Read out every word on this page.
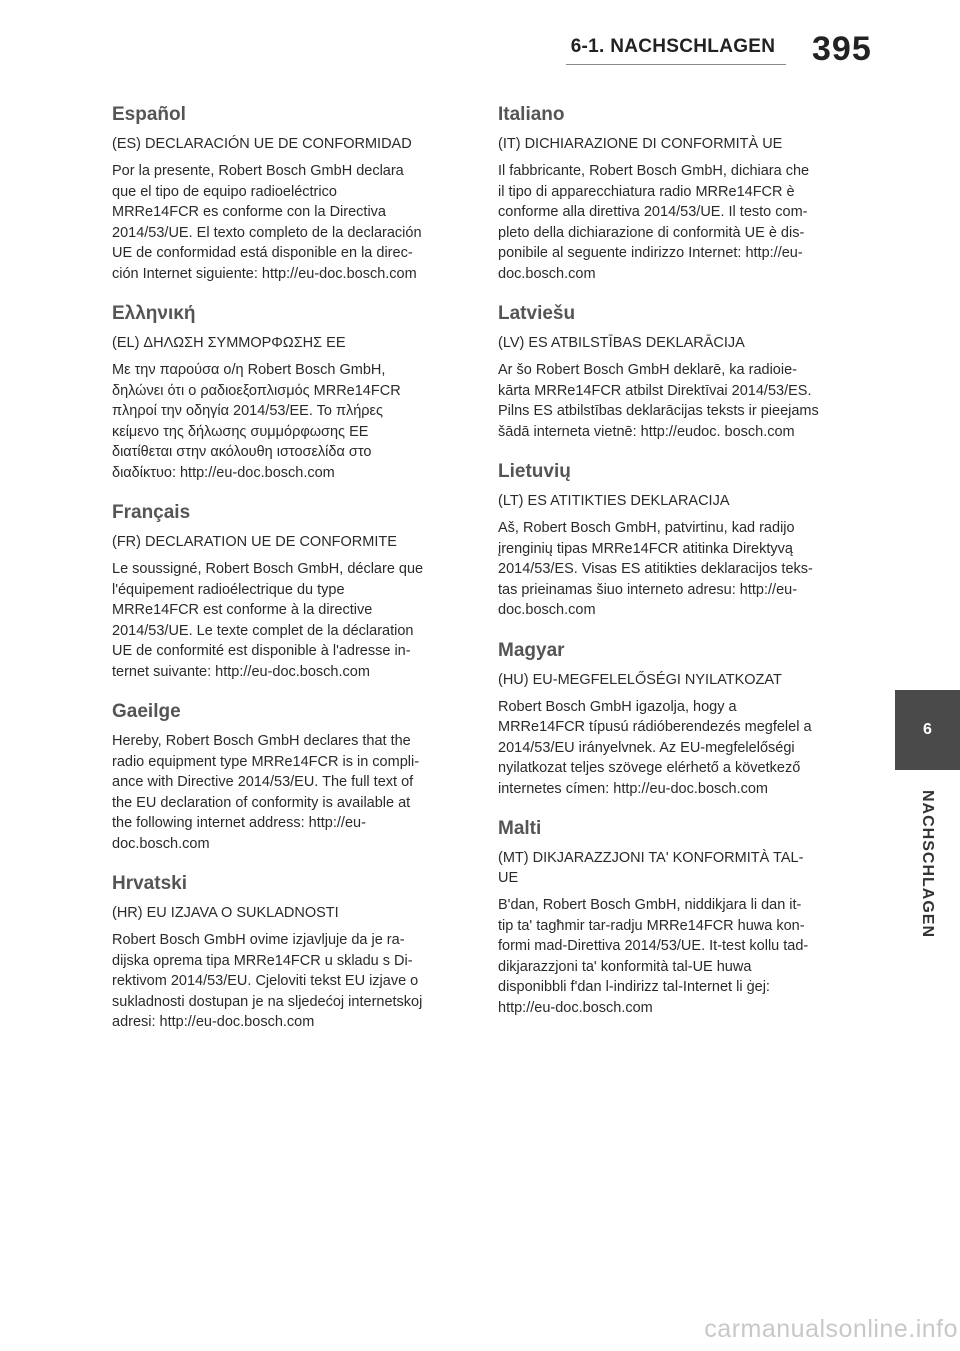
6-1. NACHSCHLAGEN	395
6
NACHSCHLAGEN
Español
(ES) DECLARACIÓN UE DE CONFORMIDAD
Por la presente, Robert Bosch GmbH declara
que el tipo de equipo radioeléctrico
MRRe14FCR es conforme con la Directiva
2014/53/UE. El texto completo de la declaración
UE de conformidad está disponible en la direc-
ción Internet siguiente: http://eu-doc.bosch.com
Ελληνική
(EL) ΔΗΛΩΣΗ ΣΥΜΜΟΡΦΩΣΗΣ ΕΕ
Με την παρούσα ο/η Robert Bosch GmbH,
δηλώνει ότι ο ραδιοεξοπλισμός MRRe14FCR
πληροί την οδηγία 2014/53/ΕΕ. Το πλήρες
κείμενο της δήλωσης συμμόρφωσης ΕΕ
διατίθεται στην ακόλουθη ιστοσελίδα στο
διαδίκτυο: http://eu-doc.bosch.com
Français
(FR) DECLARATION UE DE CONFORMITE
Le soussigné, Robert Bosch GmbH, déclare que
l'équipement radioélectrique du type
MRRe14FCR est conforme à la directive
2014/53/UE. Le texte complet de la déclaration
UE de conformité est disponible à l'adresse in-
ternet suivante: http://eu-doc.bosch.com
Gaeilge
Hereby, Robert Bosch GmbH declares that the
radio equipment type MRRe14FCR is in compli-
ance with Directive 2014/53/EU. The full text of
the EU declaration of conformity is available at
the following internet address: http://eu-
doc.bosch.com
Hrvatski
(HR) EU IZJAVA O SUKLADNOSTI
Robert Bosch GmbH ovime izjavljuje da je ra-
dijska oprema tipa MRRe14FCR u skladu s Di-
rektivom 2014/53/EU. Cjeloviti tekst EU izjave o
sukladnosti dostupan je na sljedećoj internetskoj
adresi: http://eu-doc.bosch.com
Italiano
(IT) DICHIARAZIONE DI CONFORMITÀ UE
Il fabbricante, Robert Bosch GmbH, dichiara che
il tipo di apparecchiatura radio MRRe14FCR è
conforme alla direttiva 2014/53/UE. Il testo com-
pleto della dichiarazione di conformità UE è dis-
ponibile al seguente indirizzo Internet: http://eu-
doc.bosch.com
Latviešu
(LV) ES ATBILSTĪBAS DEKLARĀCIJA
Ar šo Robert Bosch GmbH deklarē, ka radioie-
kārta MRRe14FCR atbilst Direktīvai 2014/53/ES.
Pilns ES atbilstības deklarācijas teksts ir pieejams
šādā interneta vietnē: http://eudoc. bosch.com
Lietuvių
(LT) ES ATITIKTIES DEKLARACIJA
Aš, Robert Bosch GmbH, patvirtinu, kad radijo
įrenginių tipas MRRe14FCR atitinka Direktyvą
2014/53/ES. Visas ES atitikties deklaracijos teks-
tas prieinamas šiuo interneto adresu: http://eu-
doc.bosch.com
Magyar
(HU) EU-MEGFELELŐSÉGI NYILATKOZAT
Robert Bosch GmbH igazolja, hogy a
MRRe14FCR típusú rádióberendezés megfelel a
2014/53/EU irányelvnek. Az EU-megfelelőségi
nyilatkozat teljes szövege elérhető a következő
internetes címen: http://eu-doc.bosch.com
Malti
(MT) DIKJARAZZJONI TA' KONFORMITÀ TAL-
UE
B'dan, Robert Bosch GmbH, niddikjara li dan it-
tip ta' tagħmir tar-radju MRRe14FCR huwa kon-
formi mad-Direttiva 2014/53/UE. It-test kollu tad-
dikjarazzjoni ta' konformità tal-UE huwa
disponibbli f'dan l-indirizz tal-Internet li ġej:
http://eu-doc.bosch.com
carmanualsonline.info
